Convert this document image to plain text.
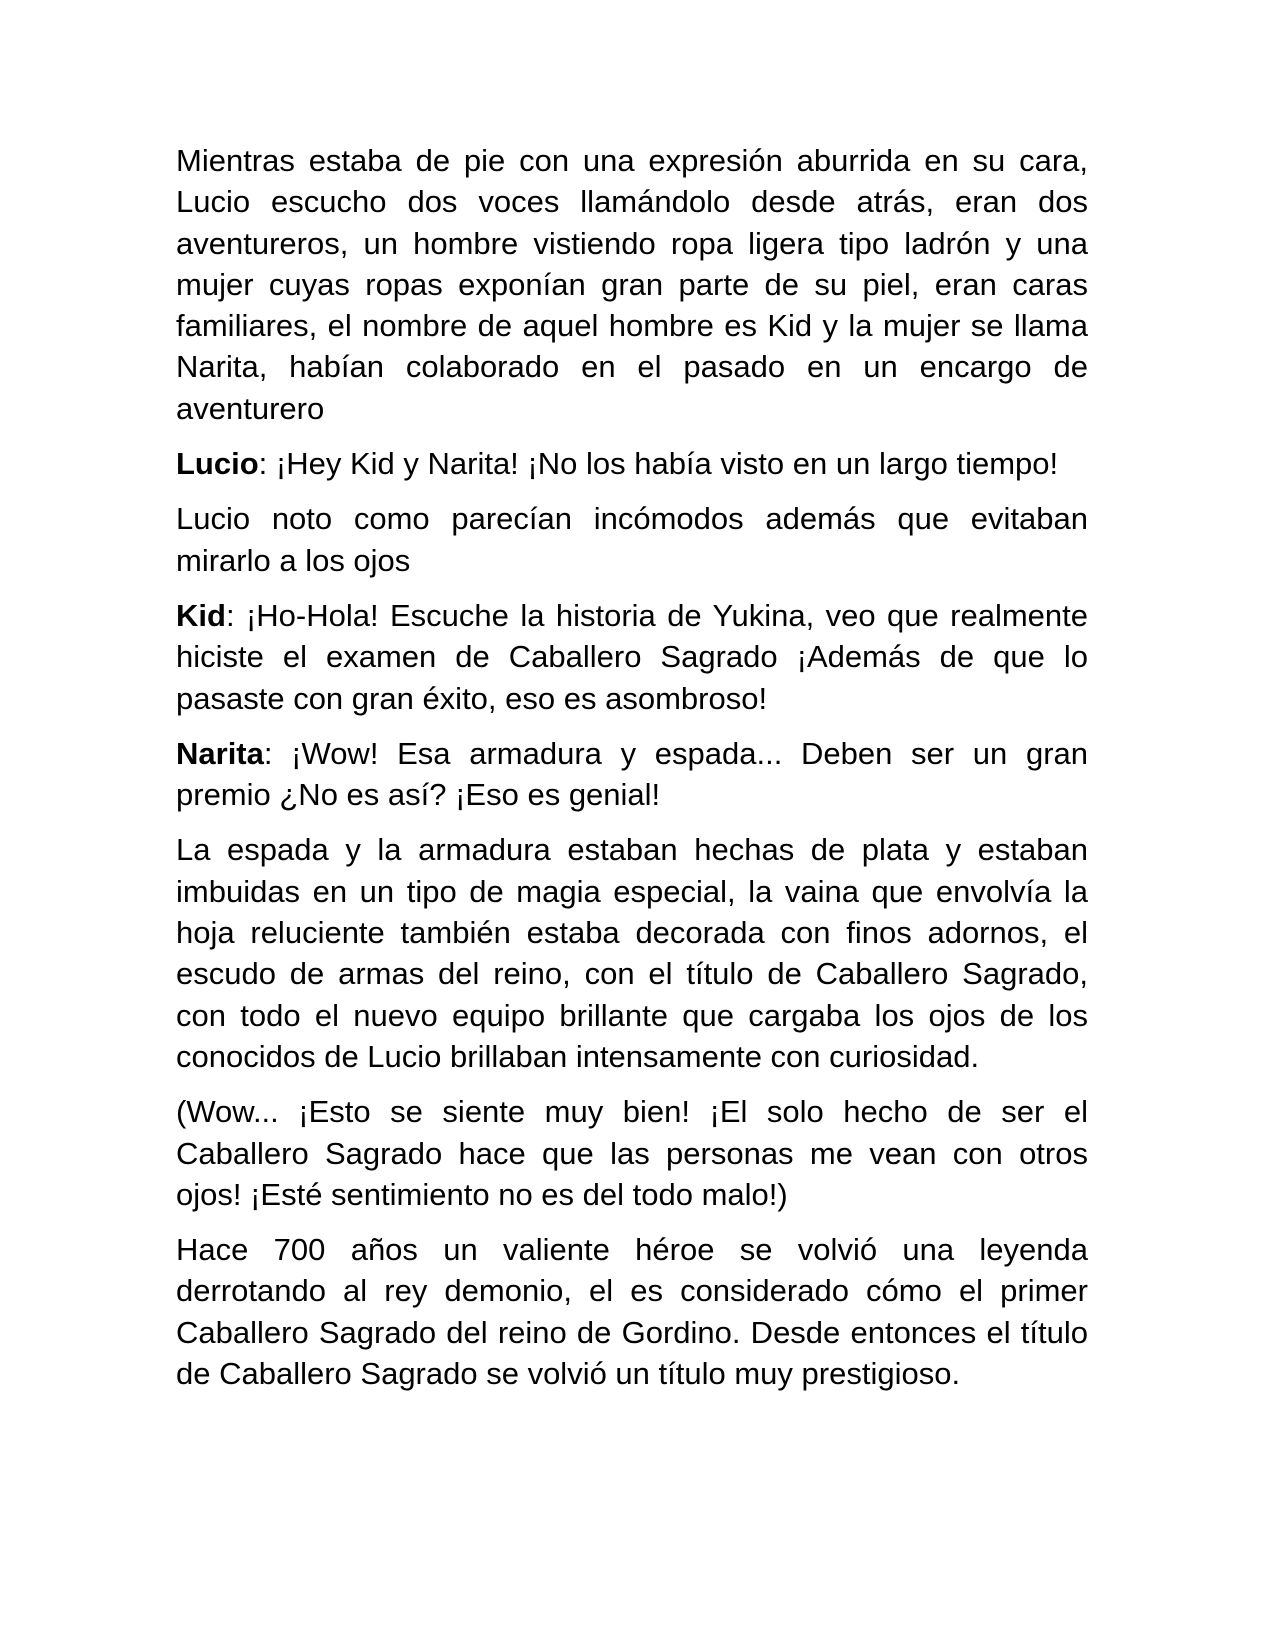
Mientras estaba de pie con una expresión aburrida en su cara, Lucio escucho dos voces llamándolo desde atrás, eran dos aventureros, un hombre vistiendo ropa ligera tipo ladrón y una mujer cuyas ropas exponían gran parte de su piel, eran caras familiares, el nombre de aquel hombre es Kid y la mujer se llama Narita, habían colaborado en el pasado en un encargo de aventurero

Lucio: ¡Hey Kid y Narita! ¡No los había visto en un largo tiempo!

Lucio noto como parecían incómodos además que evitaban mirarlo a los ojos

Kid: ¡Ho-Hola! Escuche la historia de Yukina, veo que realmente hiciste el examen de Caballero Sagrado ¡Además de que lo pasaste con gran éxito, eso es asombroso!

Narita: ¡Wow! Esa armadura y espada... Deben ser un gran premio ¿No es así? ¡Eso es genial!

La espada y la armadura estaban hechas de plata y estaban imbuidas en un tipo de magia especial, la vaina que envolvía la hoja reluciente también estaba decorada con finos adornos, el escudo de armas del reino, con el título de Caballero Sagrado, con todo el nuevo equipo brillante que cargaba los ojos de los conocidos de Lucio brillaban intensamente con curiosidad.

(Wow... ¡Esto se siente muy bien! ¡El solo hecho de ser el Caballero Sagrado hace que las personas me vean con otros ojos! ¡Esté sentimiento no es del todo malo!)

Hace 700 años un valiente héroe se volvió una leyenda derrotando al rey demonio, el es considerado cómo el primer Caballero Sagrado del reino de Gordino. Desde entonces el título de Caballero Sagrado se volvió un título muy prestigioso.
